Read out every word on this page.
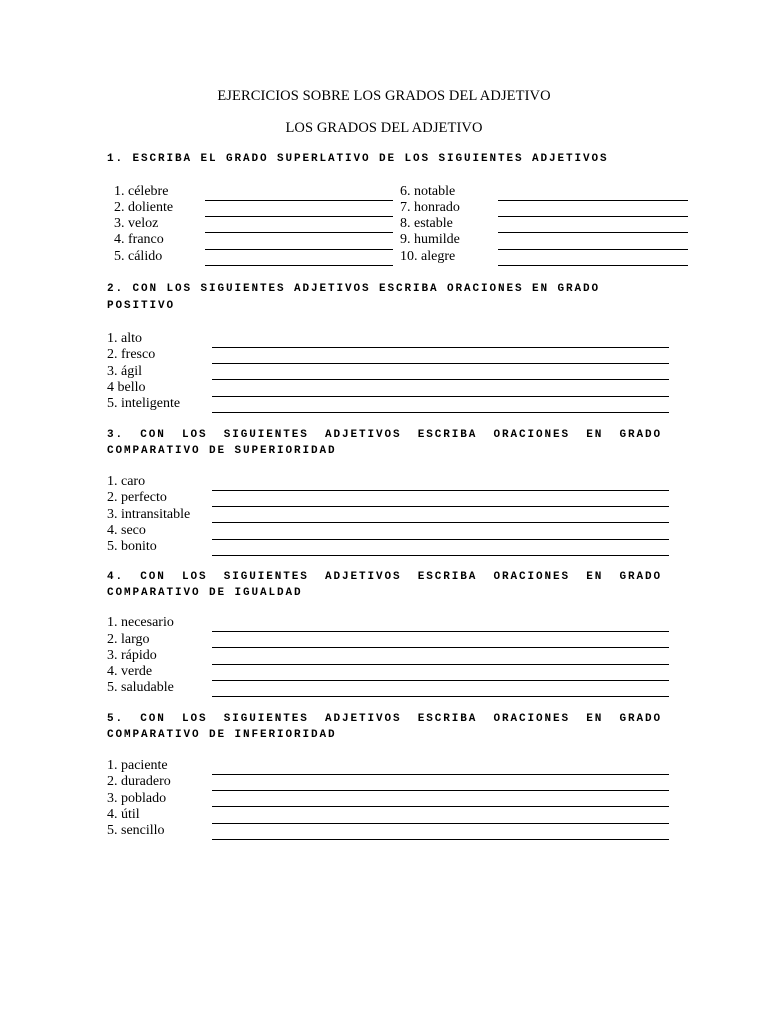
EJERCICIOS SOBRE LOS GRADOS DEL ADJETIVO
LOS GRADOS DEL ADJETIVO
1. ESCRIBA EL GRADO SUPERLATIVO DE LOS SIGUIENTES ADJETIVOS
1. célebre
2. doliente
3. veloz
4. franco
5. cálido
6. notable
7. honrado
8. estable
9. humilde
10. alegre
2. CON LOS SIGUIENTES ADJETIVOS ESCRIBA ORACIONES EN GRADO POSITIVO
1. alto
2. fresco
3. ágil
4 bello
5. inteligente
3. CON LOS SIGUIENTES ADJETIVOS ESCRIBA ORACIONES EN GRADO COMPARATIVO DE SUPERIORIDAD
1. caro
2. perfecto
3. intransitable
4. seco
5. bonito
4. CON LOS SIGUIENTES ADJETIVOS ESCRIBA ORACIONES EN GRADO COMPARATIVO DE IGUALDAD
1. necesario
2. largo
3. rápido
4. verde
5. saludable
5. CON LOS SIGUIENTES ADJETIVOS ESCRIBA ORACIONES EN GRADO COMPARATIVO DE INFERIORIDAD
1. paciente
2. duradero
3. poblado
4. útil
5. sencillo
